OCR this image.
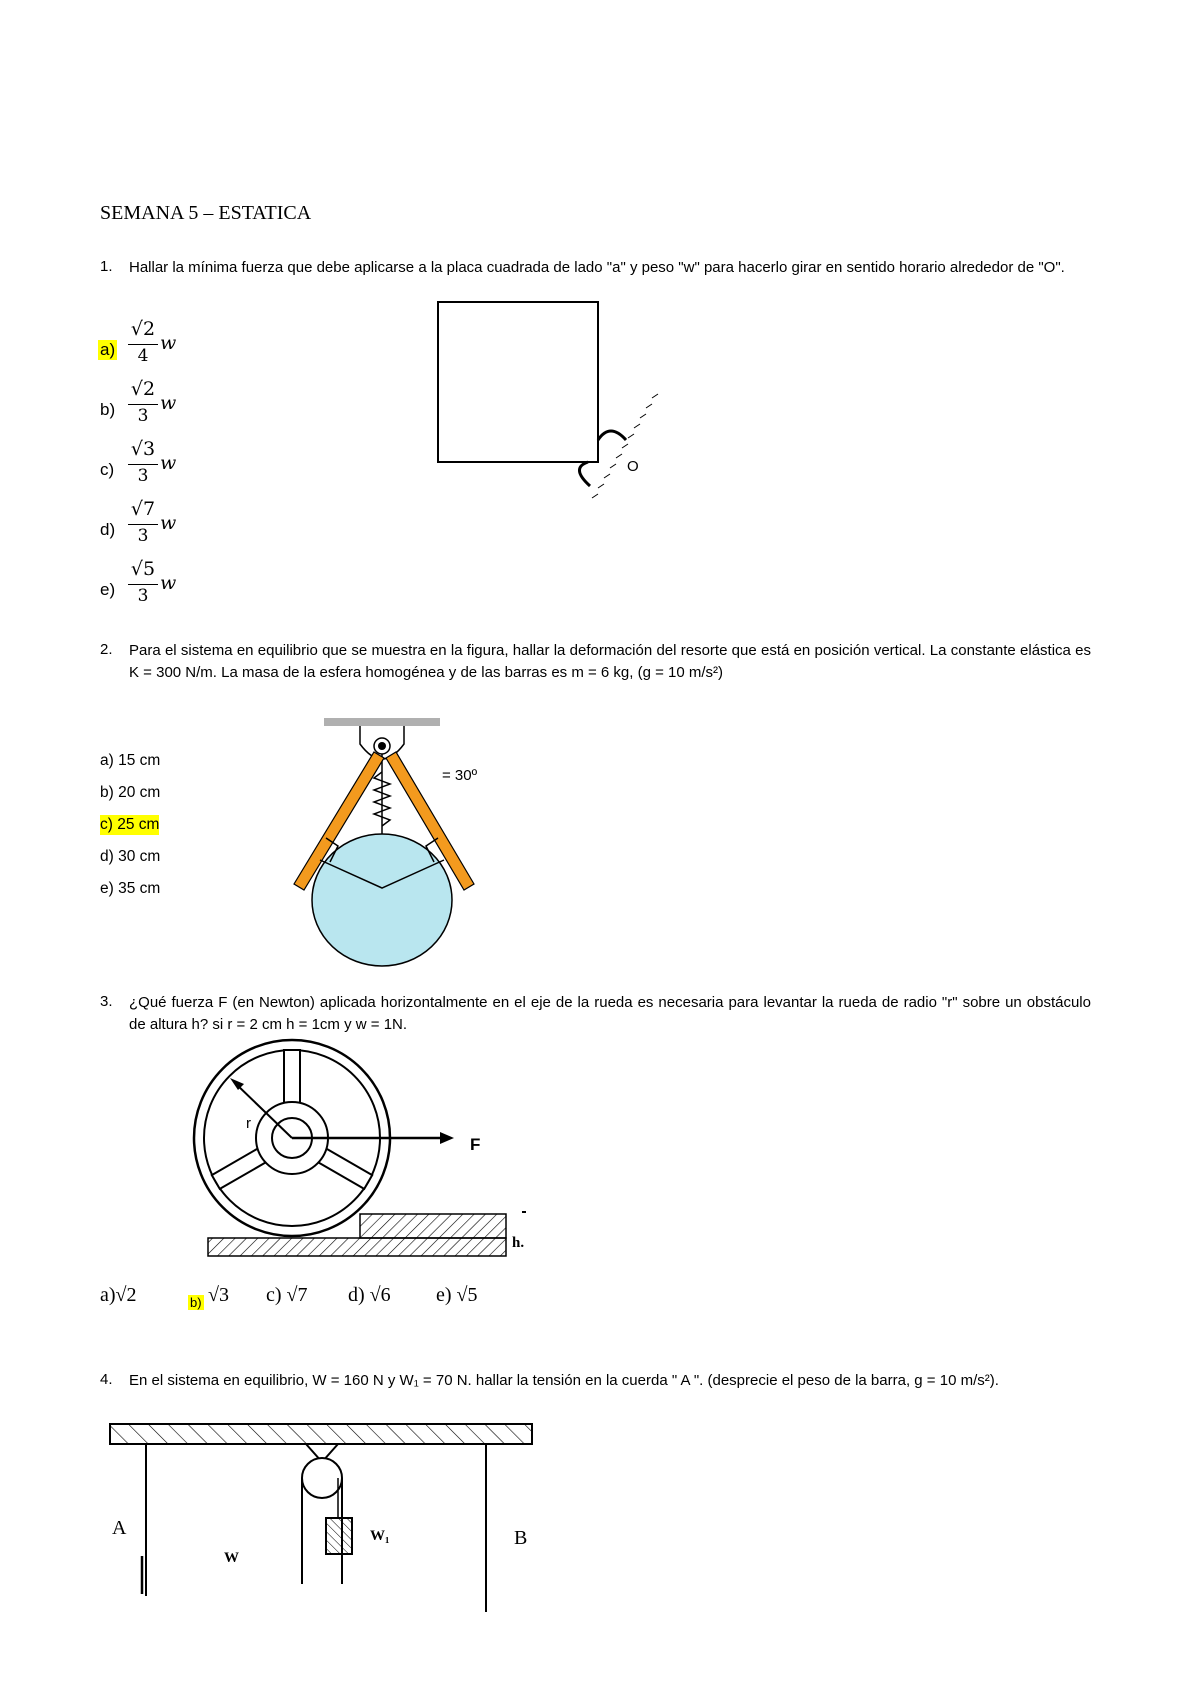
SEMANA 5 – ESTATICA
1. Hallar la mínima fuerza que debe aplicarse a la placa cuadrada de lado "a" y peso "w" para hacerlo girar en sentido horario alrededor de "O".
a)
√2
4
w
b)
√2
3
w
c)
√3
3
w
d)
√7
3
w
e)
√5
3
w
O
2. Para el sistema en equilibrio que se muestra en la figura, hallar la deformación del resorte que está en posición vertical. La constante elástica es K = 300 N/m. La masa de la esfera homogénea y de las barras es m = 6 kg, (g = 10 m/s²)
a) 15 cm
b) 20 cm
c) 25 cm
d) 30 cm
e) 35 cm
= 30º
3. ¿Qué fuerza F (en Newton) aplicada horizontalmente en el eje de la rueda es necesaria para levantar la rueda de radio "r" sobre un obstáculo de altura h? si r = 2 cm h = 1cm y w = 1N.
r
F
h.
a)√2	$_{b)}$ √3 c) √7 d) √6 e) √5
4. En el sistema en equilibrio, W = 160 N y W₁ = 70 N. hallar la tensión en la cuerda " A ". (desprecie el peso de la barra, g = 10 m/s²).
A	B
W
W₁
